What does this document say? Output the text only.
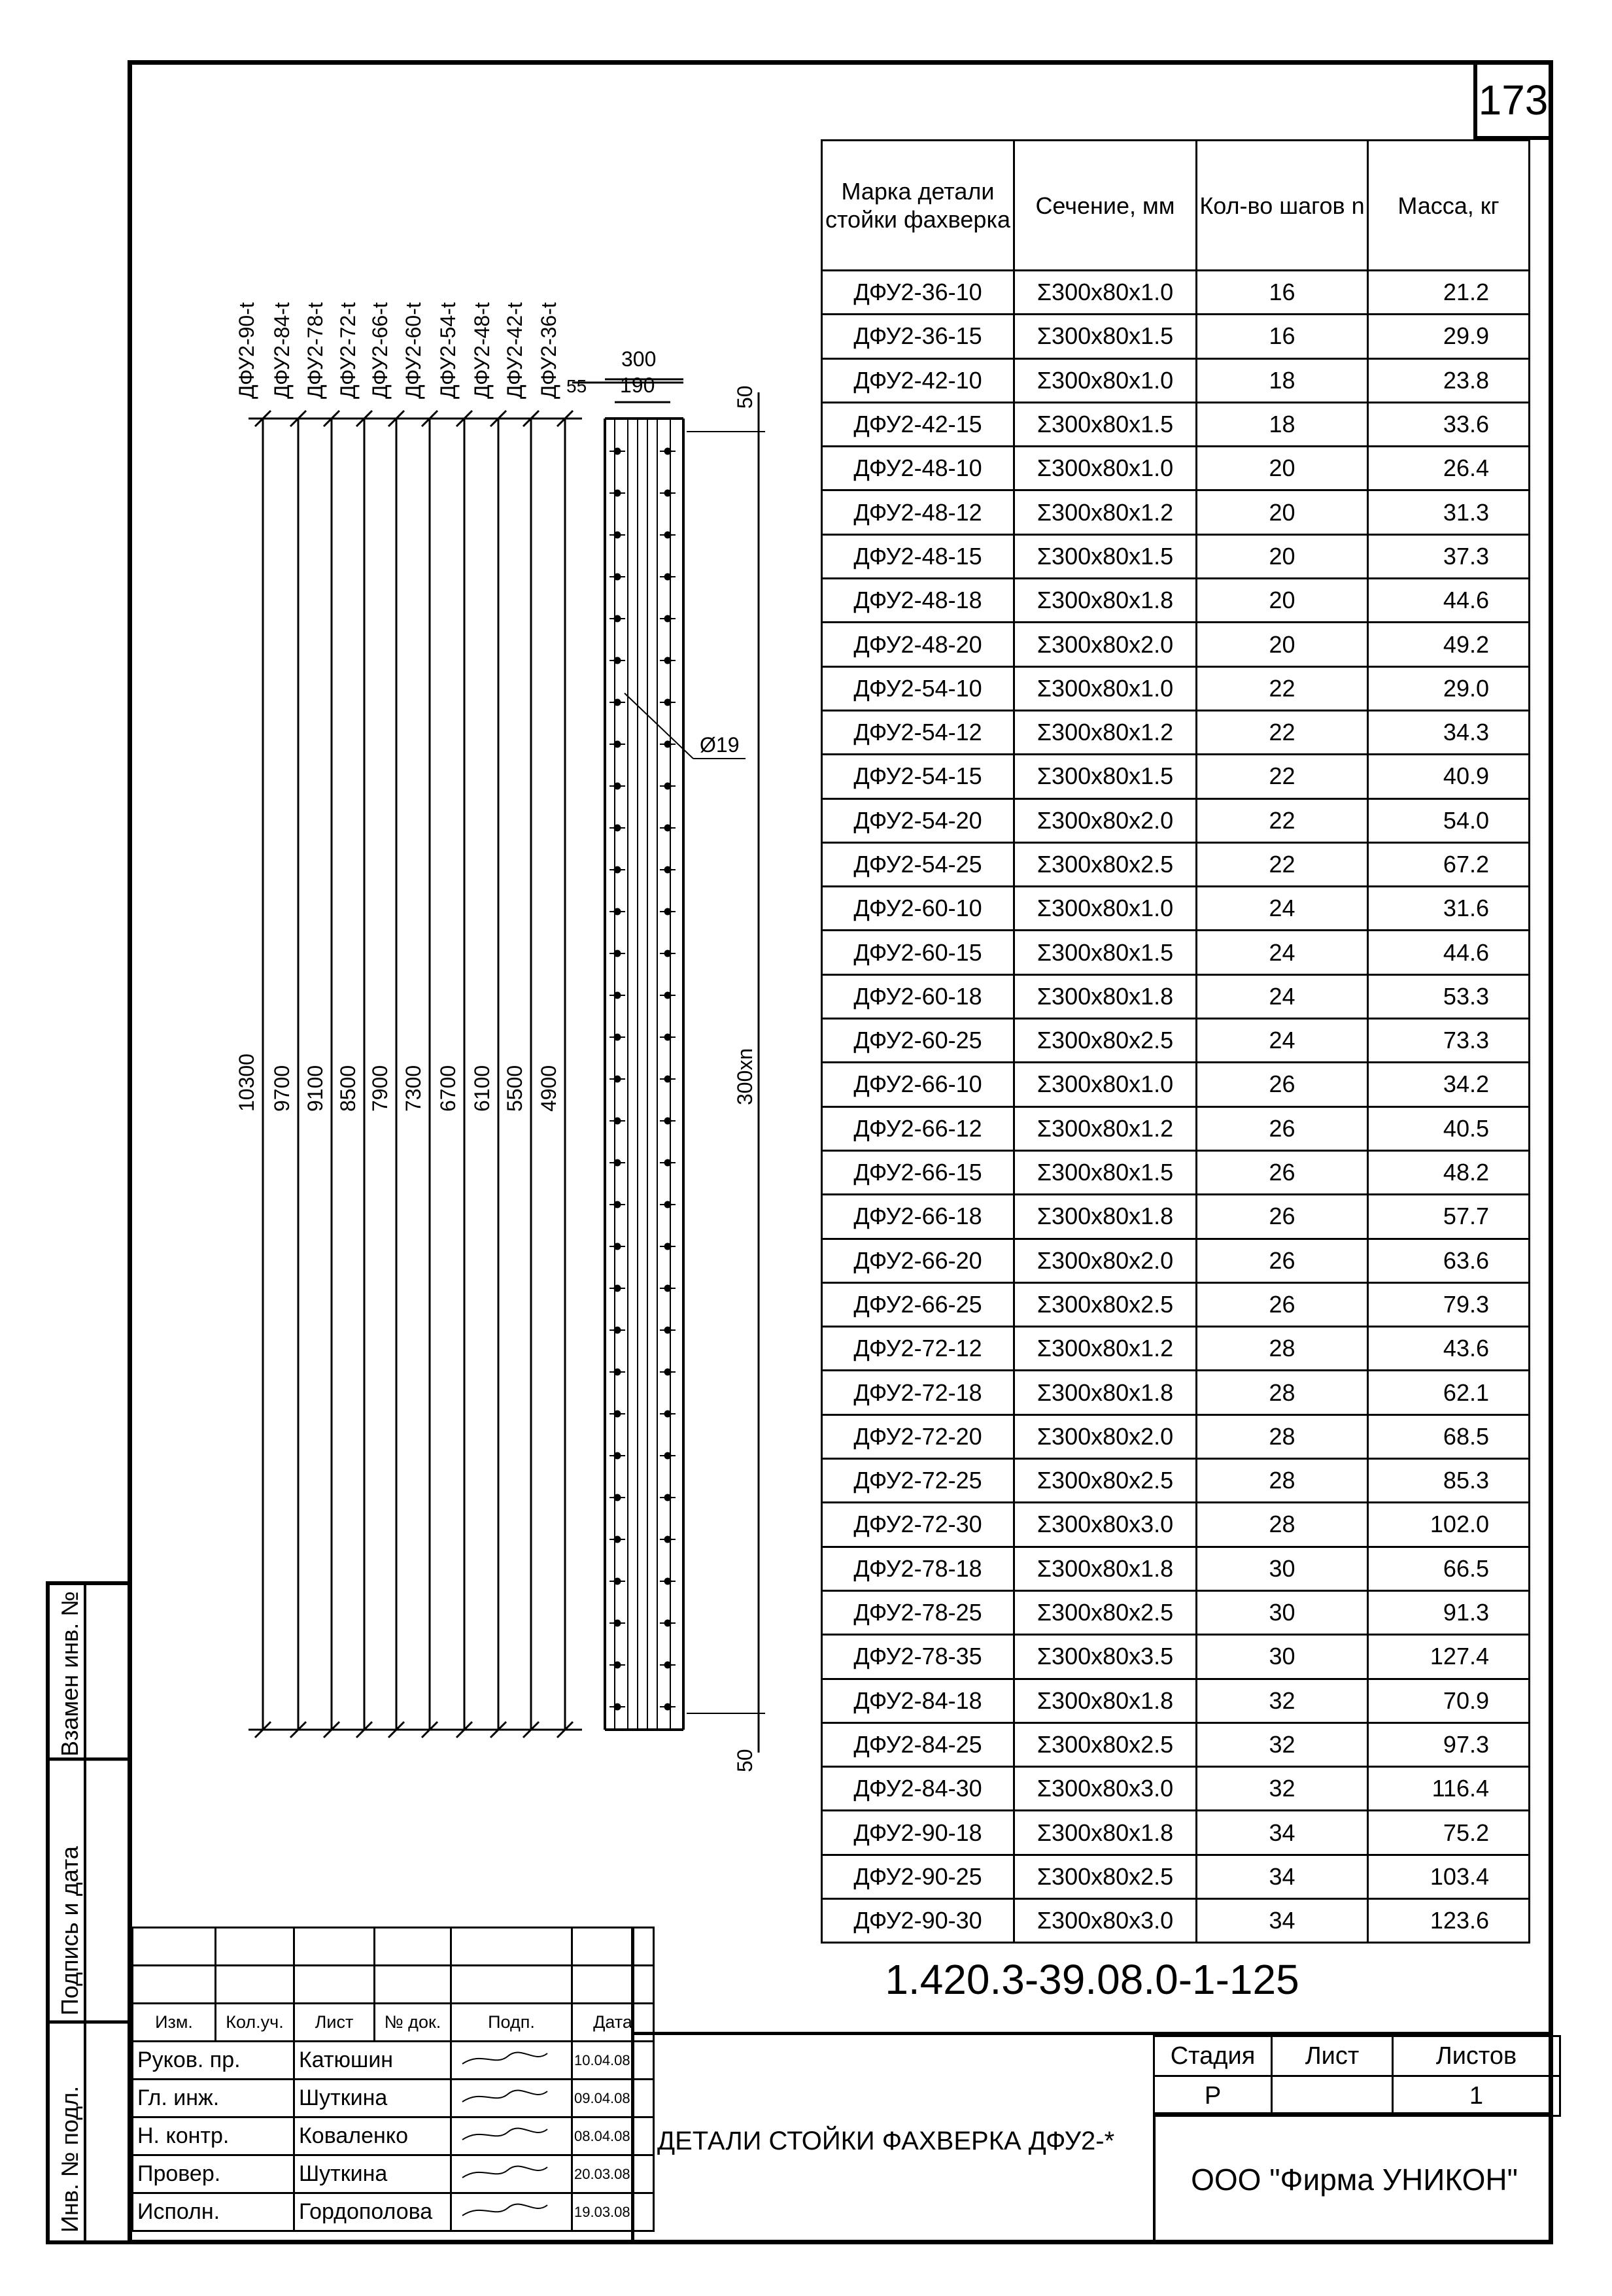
173
ДФУ2-90-t
10300
ДФУ2-84-t
9700
ДФУ2-78-t
9100
ДФУ2-72-t
8500
ДФУ2-66-t
7900
ДФУ2-60-t
7300
ДФУ2-54-t
6700
ДФУ2-48-t
6100
ДФУ2-42-t
5500
ДФУ2-36-t
4900
300
190
55	50
300xn
50
Ø19
Марка детали стойки фахверка	Сечение, мм	Кол-во шагов n	Масса, кг
ДФУ2-36-10	Σ300x80x1.0	16	21.2
ДФУ2-36-15	Σ300x80x1.5	16	29.9
ДФУ2-42-10	Σ300x80x1.0	18	23.8
ДФУ2-42-15	Σ300x80x1.5	18	33.6
ДФУ2-48-10	Σ300x80x1.0	20	26.4
ДФУ2-48-12	Σ300x80x1.2	20	31.3
ДФУ2-48-15	Σ300x80x1.5	20	37.3
ДФУ2-48-18	Σ300x80x1.8	20	44.6
ДФУ2-48-20	Σ300x80x2.0	20	49.2
ДФУ2-54-10	Σ300x80x1.0	22	29.0
ДФУ2-54-12	Σ300x80x1.2	22	34.3
ДФУ2-54-15	Σ300x80x1.5	22	40.9
ДФУ2-54-20	Σ300x80x2.0	22	54.0
ДФУ2-54-25	Σ300x80x2.5	22	67.2
ДФУ2-60-10	Σ300x80x1.0	24	31.6
ДФУ2-60-15	Σ300x80x1.5	24	44.6
ДФУ2-60-18	Σ300x80x1.8	24	53.3
ДФУ2-60-25	Σ300x80x2.5	24	73.3
ДФУ2-66-10	Σ300x80x1.0	26	34.2
ДФУ2-66-12	Σ300x80x1.2	26	40.5
ДФУ2-66-15	Σ300x80x1.5	26	48.2
ДФУ2-66-18	Σ300x80x1.8	26	57.7
ДФУ2-66-20	Σ300x80x2.0	26	63.6
ДФУ2-66-25	Σ300x80x2.5	26	79.3
ДФУ2-72-12	Σ300x80x1.2	28	43.6
ДФУ2-72-18	Σ300x80x1.8	28	62.1
ДФУ2-72-20	Σ300x80x2.0	28	68.5
ДФУ2-72-25	Σ300x80x2.5	28	85.3
ДФУ2-72-30	Σ300x80x3.0	28	102.0
ДФУ2-78-18	Σ300x80x1.8	30	66.5
ДФУ2-78-25	Σ300x80x2.5	30	91.3
ДФУ2-78-35	Σ300x80x3.5	30	127.4
ДФУ2-84-18	Σ300x80x1.8	32	70.9
ДФУ2-84-25	Σ300x80x2.5	32	97.3
ДФУ2-84-30	Σ300x80x3.0	32	116.4
ДФУ2-90-18	Σ300x80x1.8	34	75.2
ДФУ2-90-25	Σ300x80x2.5	34	103.4
ДФУ2-90-30	Σ300x80x3.0	34	123.6
Взамен инв. №
Подпись и дата
Инв. № подл.

Изм.	Кол.уч.	Лист	№ док.	Подп.	Дата
Руков. пр.		Катюшин			10.04.08
Гл. инж.		Шуткина			09.04.08
Н. контр.		Коваленко			08.04.08
Провер.		Шуткина			20.03.08
Исполн.		Гордополова			19.03.08
1.420.3-39.08.0-1-125
ДЕТАЛИ СТОЙКИ ФАХВЕРКА ДФУ2-*
Стадия	Лист	Листов
Р		1
ООО "Фирма УНИКОН"
